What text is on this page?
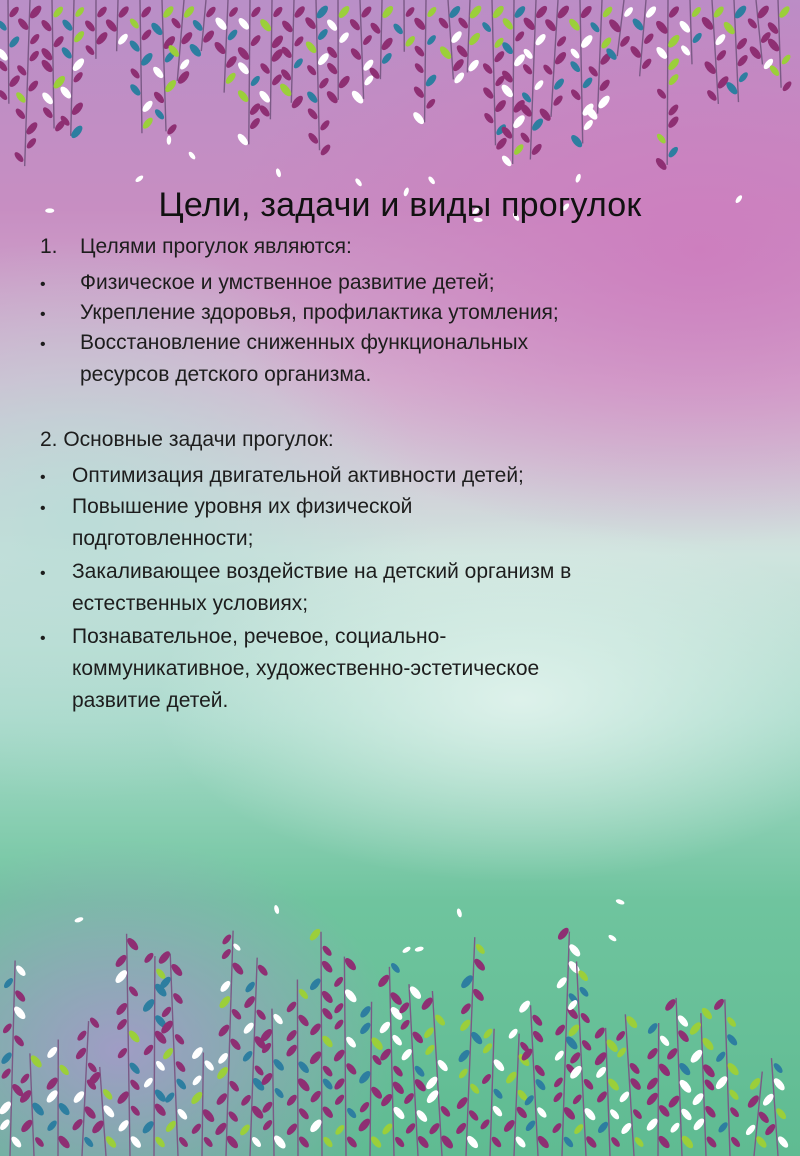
Цели, задачи и виды прогулок
1. Целями прогулок являются:
• Физическое и умственное развитие детей;
• Укрепление здоровья, профилактика утомления;
• Восстановление сниженных функциональных
ресурсов детского организма.
2. Основные задачи прогулок:
• Оптимизация двигательной активности детей;
• Повышение уровня их физической
подготовленности;
• Закаливающее воздействие на детский организм в
естественных условиях;
• Познавательное, речевое, социально-
коммуникативное, художественно-эстетическое
развитие детей.
